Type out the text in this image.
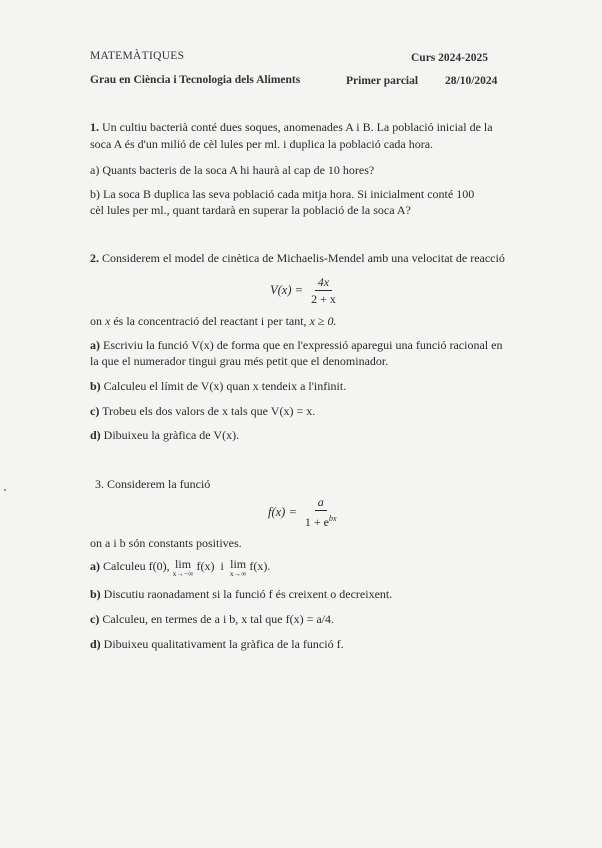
MATEMÀTIQUES	Curs 2024-2025
Grau en Ciència i Tecnologia dels Aliments	Primer parcial 28/10/2024
1. Un cultiu bacterià conté dues soques, anomenades A i B. La població inicial de la
soca A és d'un milió de cèl lules per ml. i duplica la població cada hora.
a) Quants bacteris de la soca A hi haurà al cap de 10 hores?
b) La soca B duplica las seva població cada mitja hora. Si inicialment conté 100
cèl lules per ml., quant tardarà en superar la població de la soca A?
2. Considerem el model de cinètica de Michaelis-Mendel amb una velocitat de reacció
$V(x) = \frac{4x}{2 + x}$
on x és la concentració del reactant i per tant, x ≥ 0.
a) Escriviu la funció V(x) de forma que en l'expressió aparegui una funció racional en
la que el numerador tingui grau més petit que el denominador.
b) Calculeu el límit de V(x) quan x tendeix a l'infinit.
c) Trobeu els dos valors de x tals que V(x) = x.
d) Dibuixeu la gràfica de V(x).
3. Considerem la funció
$f(x) = \frac{a}{1 + e^{bx}}$
on a i b són constants positives.
a) Calculeu f(0), lim
x→−∞
f(x) i lim
x→∞
f(x).
b) Discutiu raonadament si la funció f és creixent o decreixent.
c) Calculeu, en termes de a i b, x tal que f(x) = a/4.
d) Dibuixeu qualitativament la gràfica de la funció f.
